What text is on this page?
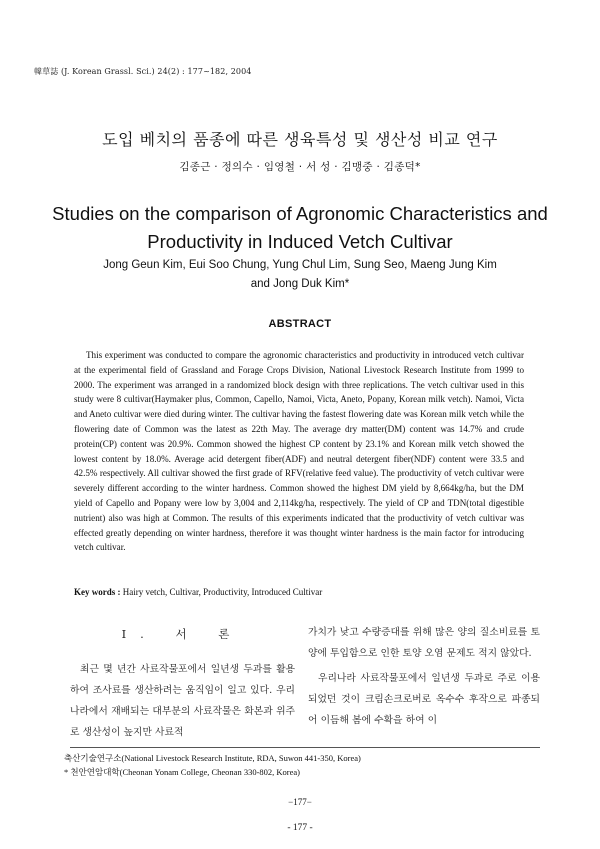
韓草誌 (J. Korean Grassl. Sci.) 24(2) : 177~182, 2004
도입 베치의 품종에 따른 생육특성 및 생산성 비교 연구
김종근 · 정의수 · 임영철 · 서 성 · 김맹중 · 김종덕*
Studies on the comparison of Agronomic Characteristics and
Productivity in Induced Vetch Cultivar
Jong Geun Kim, Eui Soo Chung, Yung Chul Lim, Sung Seo, Maeng Jung Kim
and Jong Duk Kim*
ABSTRACT
This experiment was conducted to compare the agronomic characteristics and productivity in introduced vetch cultivar at the experimental field of Grassland and Forage Crops Division, National Livestock Research Institute from 1999 to 2000. The experiment was arranged in a randomized block design with three replications. The vetch cultivar used in this study were 8 cultivar(Haymaker plus, Common, Capello, Namoi, Victa, Aneto, Popany, Korean milk vetch). Namoi, Victa and Aneto cultivar were died during winter. The cultivar having the fastest flowering date was Korean milk vetch while the flowering date of Common was the latest as 22th May. The average dry matter(DM) content was 14.7% and crude protein(CP) content was 20.9%. Common showed the highest CP content by 23.1% and Korean milk vetch showed the lowest content by 18.0%. Average acid detergent fiber(ADF) and neutral detergent fiber(NDF) content were 33.5 and 42.5% respectively. All cultivar showed the first grade of RFV(relative feed value). The productivity of vetch cultivar were severely different according to the winter hardness. Common showed the highest DM yield by 8,664kg/ha, but the DM yield of Capello and Popany were low by 3,004 and 2,114kg/ha, respectively. The yield of CP and TDN(total digestible nutrient) also was high at Common. The results of this experiments indicated that the productivity of vetch cultivar was effected greatly depending on winter hardness, therefore it was thought winter hardness is the main factor for introducing vetch cultivar.
Key words : Hairy vetch, Cultivar, Productivity, Introduced Cultivar
I. 서 론

최근 몇 년간 사료작물포에서 일년생 두과를 활용하여 조사료를 생산하려는 움직임이 일고 있다. 우리나라에서 재배되는 대부분의 사료작물은 화본과 위주로 생산성이 높지만 사료적

가치가 낮고 수량증대를 위해 많은 양의 질소비료를 토양에 투입함으로 인한 토양 오염 문제도 적지 않았다.

우리나라 사료작물포에서 일년생 두과로 주로 이용되었던 것이 크림손크로버로 옥수수 후작으로 파종되어 이듬해 봄에 수확을 하여 이

축산기술연구소(National Livestock Research Institute, RDA, Suwon 441-350, Korea)
* 천안연암대학(Cheonan Yonam College, Cheonan 330-802, Korea)
−177−
- 177 -
